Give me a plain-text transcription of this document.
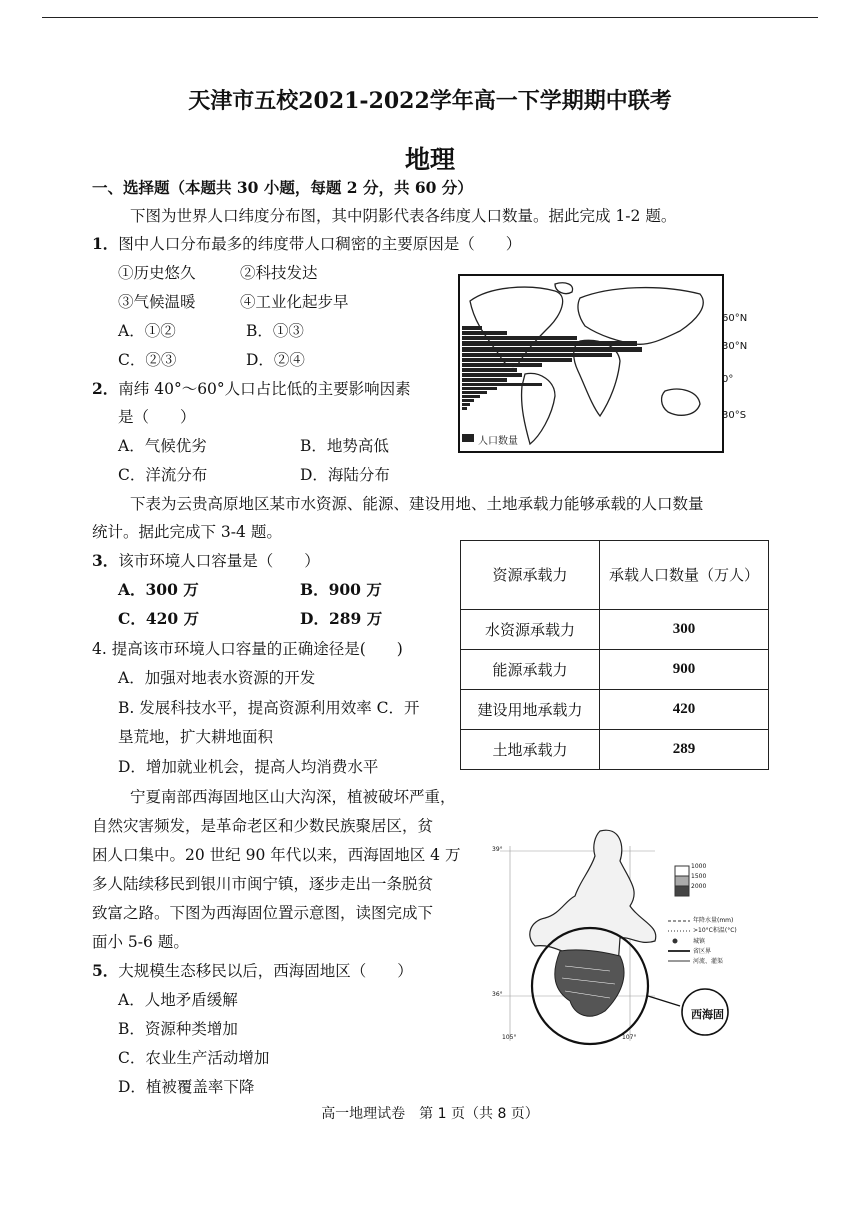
天津市五校2021-2022学年高一下学期期中联考
地理
一、选择题（本题共 30 小题，每题 2 分，共 60 分）
下图为世界人口纬度分布图，其中阴影代表各纬度人口数量。据此完成 1-2 题。
1．图中人口分布最多的纬度带人口稠密的主要原因是（　　）
①历史悠久	②科技发达
③气候温暖	④工业化起步早
A．①②	B．①③
C．②③	D．②④
2．南纬 40°～60°人口占比低的主要影响因素
是（　　）
A．气候优劣	B．地势高低
C．洋流分布	D．海陆分布
人口数量
60°N
30°N
0°
30°S
下表为云贵高原地区某市水资源、能源、建设用地、土地承载力能够承载的人口数量
统计。据此完成下 3-4 题。
资源承载力	承载人口数量（万人）

水资源承载力	300
能源承载力	900
建设用地承载力	420
土地承载力	289
3．该市环境人口容量是（　　）
A．300 万	B．900 万
C．420 万	D．289 万
4. 提高该市环境人口容量的正确途径是(　　)
A．加强对地表水资源的开发
B. 发展科技水平，提高资源利用效率 C．开
垦荒地，扩大耕地面积
D．增加就业机会，提高人均消费水平
宁夏南部西海固地区山大沟深，植被破坏严重，
自然灾害频发，是革命老区和少数民族聚居区，贫
困人口集中。20 世纪 90 年代以来，西海固地区 4 万
多人陆续移民到银川市闽宁镇，逐步走出一条脱贫
致富之路。下图为西海固位置示意图，读图完成下
面小 5-6 题。
5．大规模生态移民以后，西海固地区（　　）
A．人地矛盾缓解
B．资源种类增加
C．农业生产活动增加
D．植被覆盖率下降
西海固
年降水量(mm)
>10°C积温(°C)
城镇
省区界
河流、灌渠
1000
1500
2000
39°
36°
105°	107°
高一地理试卷　第 1 页（共 8 页）
